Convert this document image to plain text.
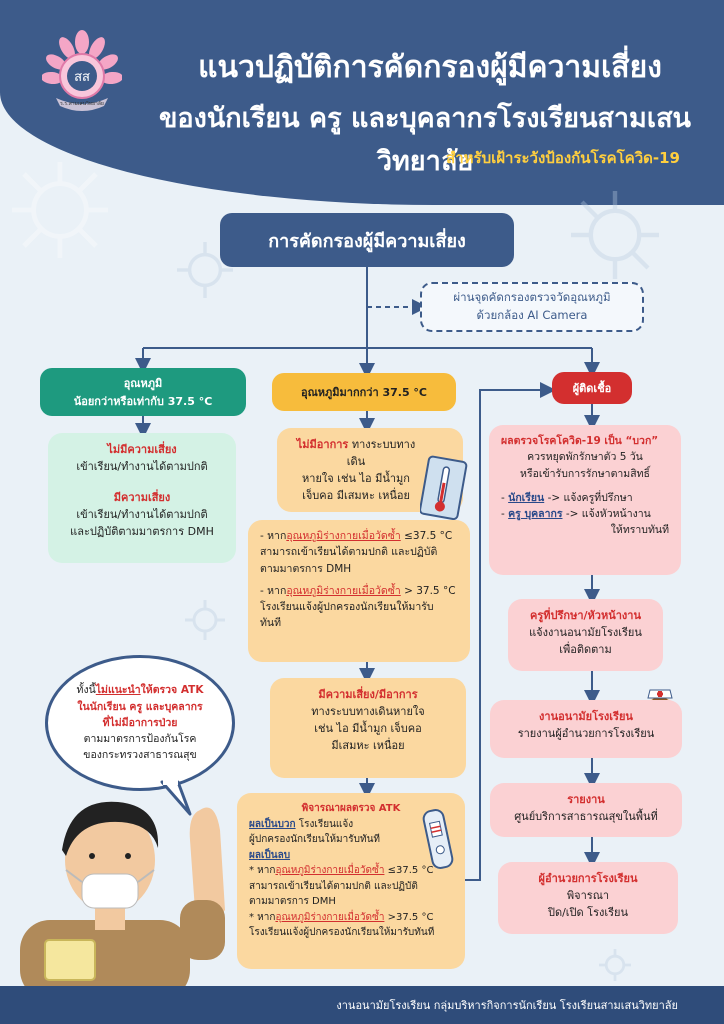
สส
ร.ร.สามเสนวิทยาลัย
แนวปฏิบัติการคัดกรองผู้มีความเสี่ยง
ของนักเรียน ครู และบุคลากรโรงเรียนสามเสนวิทยาลัย
สำหรับเฝ้าระวังป้องกันโรคโควิด-19
การคัดกรองผู้มีความเสี่ยง
ผ่านจุดคัดกรองตรวจวัดอุณหภูมิ
ด้วยกล้อง AI Camera
อุณหภูมิ
น้อยกว่าหรือเท่ากับ 37.5 °C
ไม่มีความเสี่ยง
เข้าเรียน/ทำงานได้ตามปกติ
มีความเสี่ยง
เข้าเรียน/ทำงานได้ตามปกติ
และปฏิบัติตามมาตรการ DMH
อุณหภูมิมากกว่า 37.5 °C
ไม่มีอาการ ทางระบบทางเดิน
หายใจ เช่น ไอ มีน้ำมูก
เจ็บคอ มีเสมหะ เหนื่อย
- หากอุณหภูมิร่างกายเมื่อวัดซ้ำ ≤37.5 °C
สามารถเข้าเรียนได้ตามปกติ และปฏิบัติ
ตามมาตรการ DMH
- หากอุณหภูมิร่างกายเมื่อวัดซ้ำ > 37.5 °C
โรงเรียนแจ้งผู้ปกครองนักเรียนให้มารับ
ทันที
มีความเสี่ยง/มีอาการ
ทางระบบทางเดินหายใจ
เช่น ไอ มีน้ำมูก เจ็บคอ
มีเสมหะ เหนื่อย
พิจารณาผลตรวจ ATK
ผลเป็นบวก โรงเรียนแจ้ง
ผู้ปกครองนักเรียนให้มารับทันที
ผลเป็นลบ
* หากอุณหภูมิร่างกายเมื่อวัดซ้ำ ≤37.5 °C
สามารถเข้าเรียนได้ตามปกติ และปฏิบัติ
ตามมาตรการ DMH
* หากอุณหภูมิร่างกายเมื่อวัดซ้ำ >37.5 °C
โรงเรียนแจ้งผู้ปกครองนักเรียนให้มารับทันที
ผู้ติดเชื้อ
ผลตรวจโรคโควิด-19 เป็น “บวก”
ควรหยุดพักรักษาตัว 5 วัน
หรือเข้ารับการรักษาตามสิทธิ์
- นักเรียน -> แจ้งครูที่ปรึกษา
- ครู บุคลากร -> แจ้งหัวหน้างาน
ให้ทราบทันที
ครูที่ปรึกษา/หัวหน้างาน
แจ้งงานอนามัยโรงเรียน
เพื่อติดตาม
งานอนามัยโรงเรียน
รายงานผู้อำนวยการโรงเรียน
รายงาน
ศูนย์บริการสาธารณสุขในพื้นที่
ผู้อำนวยการโรงเรียน
พิจารณา
ปิด/เปิด โรงเรียน
ทั้งนี้ไม่แนะนำให้ตรวจ ATK
ในนักเรียน ครู และบุคลากร
ที่ไม่มีอาการป่วย
ตามมาตรการป้องกันโรค
ของกระทรวงสาธารณสุข
งานอนามัยโรงเรียน กลุ่มบริหารกิจการนักเรียน โรงเรียนสามเสนวิทยาลัย
